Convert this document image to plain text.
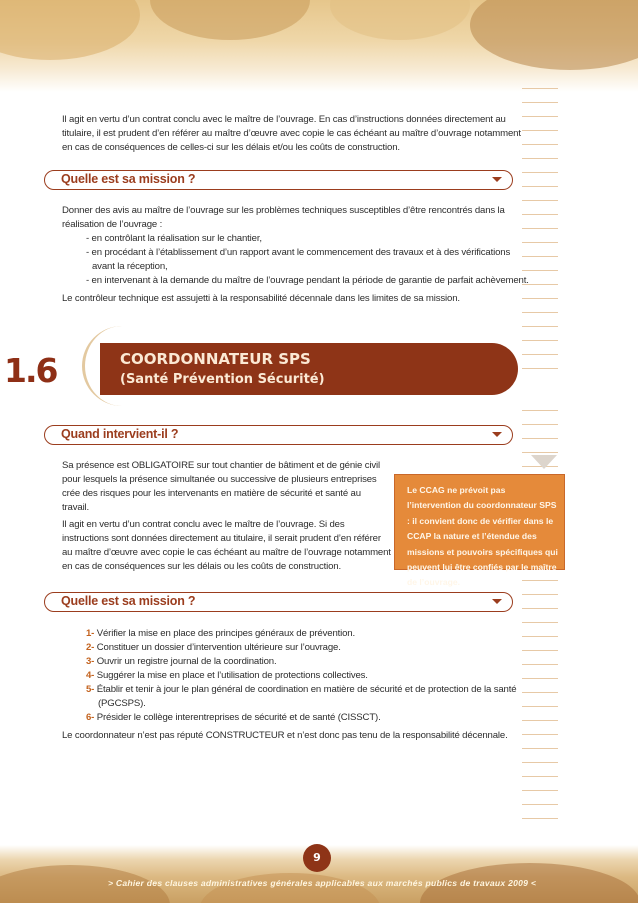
Il agit en vertu d’un contrat conclu avec le maître de l’ouvrage. En cas d’instructions données directement au
titulaire, il est prudent d’en référer au maître d’œuvre avec copie le cas échéant au maître d’ouvrage notamment
en cas de conséquences de celles-ci sur les délais et/ou les coûts de construction.
Quelle est sa mission ?
Donner des avis au maître de l’ouvrage sur les problèmes techniques susceptibles d’être rencontrés dans la
réalisation de l’ouvrage :
- en contrôlant la réalisation sur le chantier,
- en procédant à l’établissement d’un rapport avant le commencement des travaux et à des vérifications
avant la réception,
- en intervenant à la demande du maître de l’ouvrage pendant la période de garantie de parfait achèvement.
Le contrôleur technique est assujetti à la responsabilité décennale dans les limites de sa mission.
1.6	COORDONNATEUR SPS
(Santé Prévention Sécurité)
Quand intervient-il ?
Sa présence est OBLIGATOIRE sur tout chantier de bâtiment et de génie civil
pour lesquels la présence simultanée ou successive de plusieurs entreprises
crée des risques pour les intervenants en matière de sécurité et santé au
travail.
Il agit en vertu d’un contrat conclu avec le maître de l’ouvrage. Si des
instructions sont données directement au titulaire, il serait prudent d’en référer
au maître d’œuvre avec copie le cas échéant au maître de l’ouvrage notamment
en cas de conséquences sur les délais ou les coûts de construction.
Le CCAG ne prévoit pas l’intervention du coordonnateur SPS : il convient donc de vérifier dans le CCAP la nature et l’étendue des missions et pouvoirs spécifiques qui peuvent lui être confiés par le maître de l’ouvrage.
Quelle est sa mission ?
1- Vérifier la mise en place des principes généraux de prévention.
2- Constituer un dossier d’intervention ultérieure sur l’ouvrage.
3- Ouvrir un registre journal de la coordination.
4- Suggérer la mise en place et l’utilisation de protections collectives.
5- Établir et tenir à jour le plan général de coordination en matière de sécurité et de protection de la santé
(PGCSPS).
6- Présider le collège interentreprises de sécurité et de santé (CISSCT).
Le coordonnateur n’est pas réputé CONSTRUCTEUR et n’est donc pas tenu de la responsabilité décennale.
9
> Cahier des clauses administratives générales applicables aux marchés publics de travaux 2009 <
